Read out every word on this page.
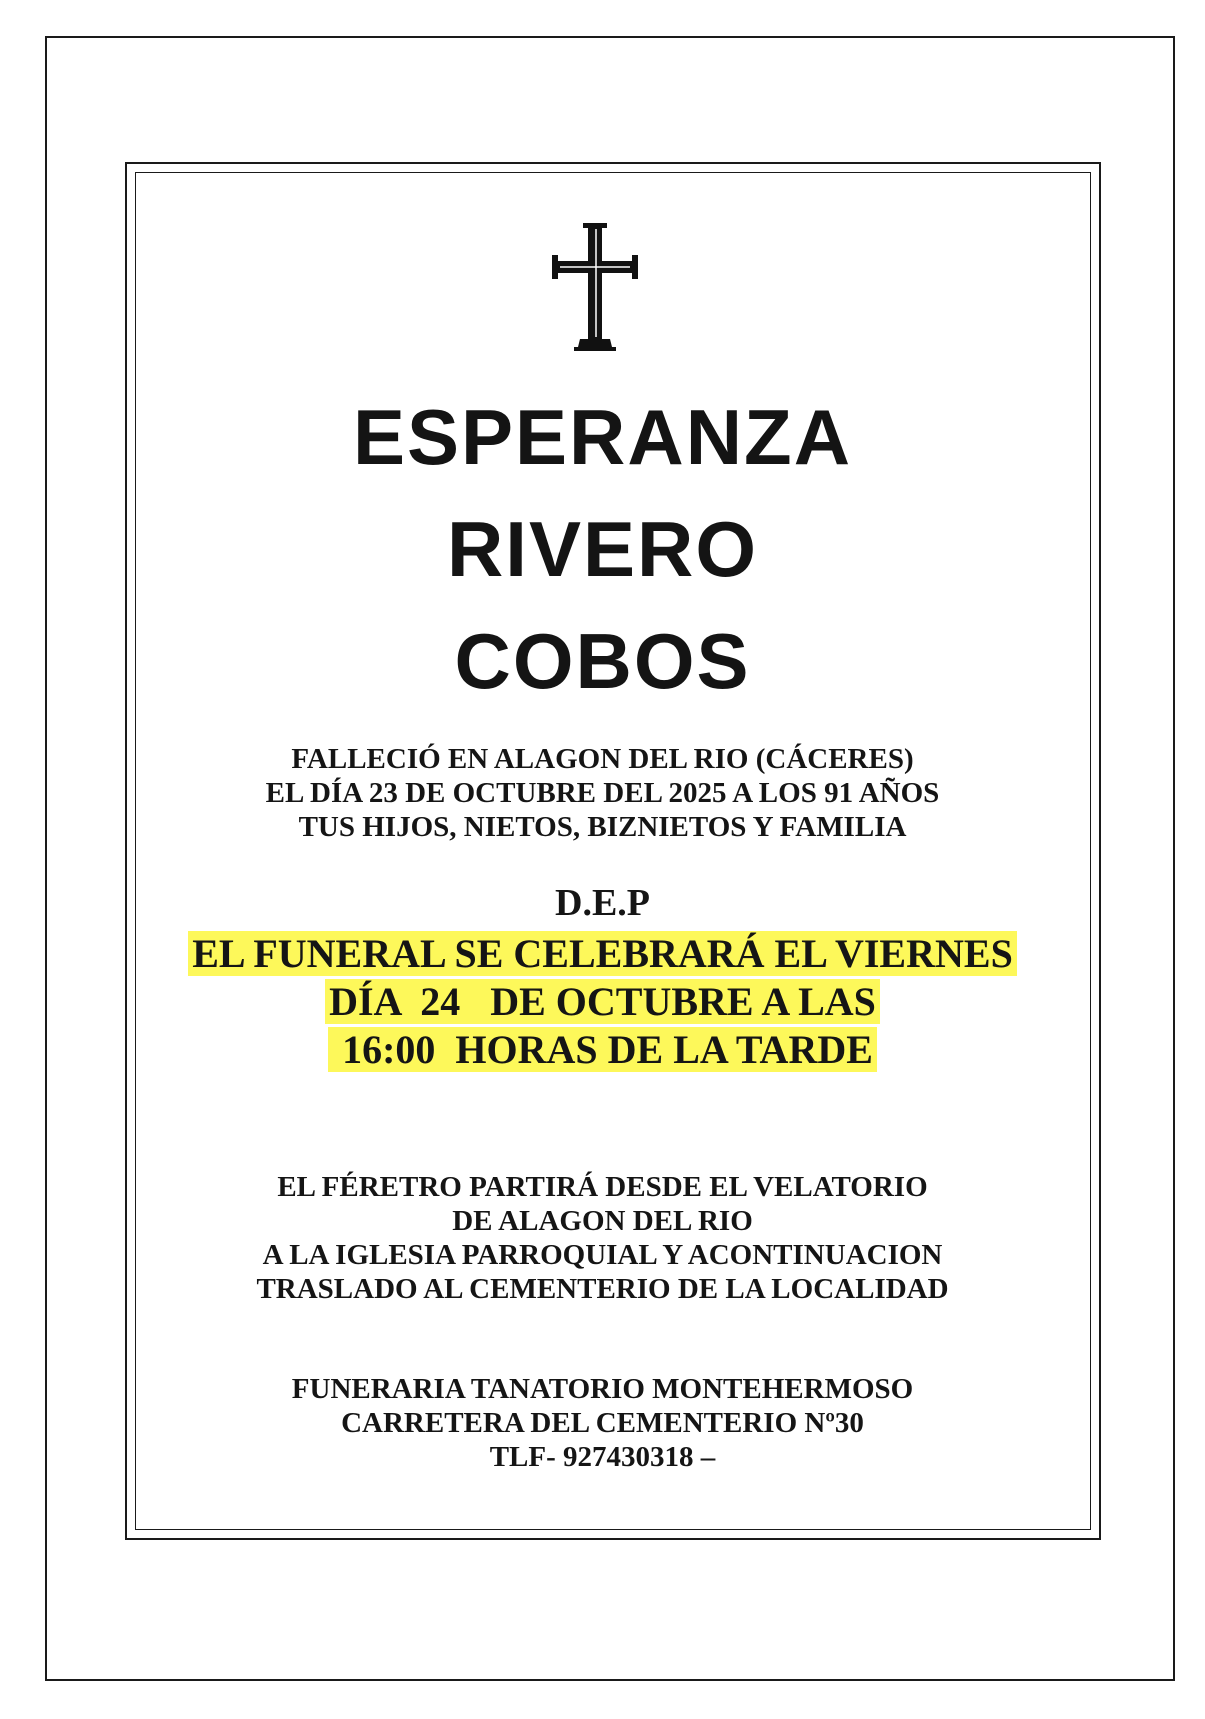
ESPERANZA
RIVERO
COBOS
FALLECIÓ EN ALAGON DEL RIO (CÁCERES)
EL DÍA 23 DE OCTUBRE DEL 2025 A LOS 91 AÑOS
TUS HIJOS, NIETOS, BIZNIETOS Y FAMILIA
D.E.P
EL FUNERAL SE CELEBRARÁ EL VIERNES
DÍA  24   DE OCTUBRE A LAS
16:00  HORAS DE LA TARDE
EL FÉRETRO PARTIRÁ DESDE EL VELATORIO
DE ALAGON DEL RIO
A LA IGLESIA PARROQUIAL Y ACONTINUACION
TRASLADO AL CEMENTERIO DE LA LOCALIDAD
FUNERARIA TANATORIO MONTEHERMOSO
CARRETERA DEL CEMENTERIO Nº30
TLF- 927430318 –
